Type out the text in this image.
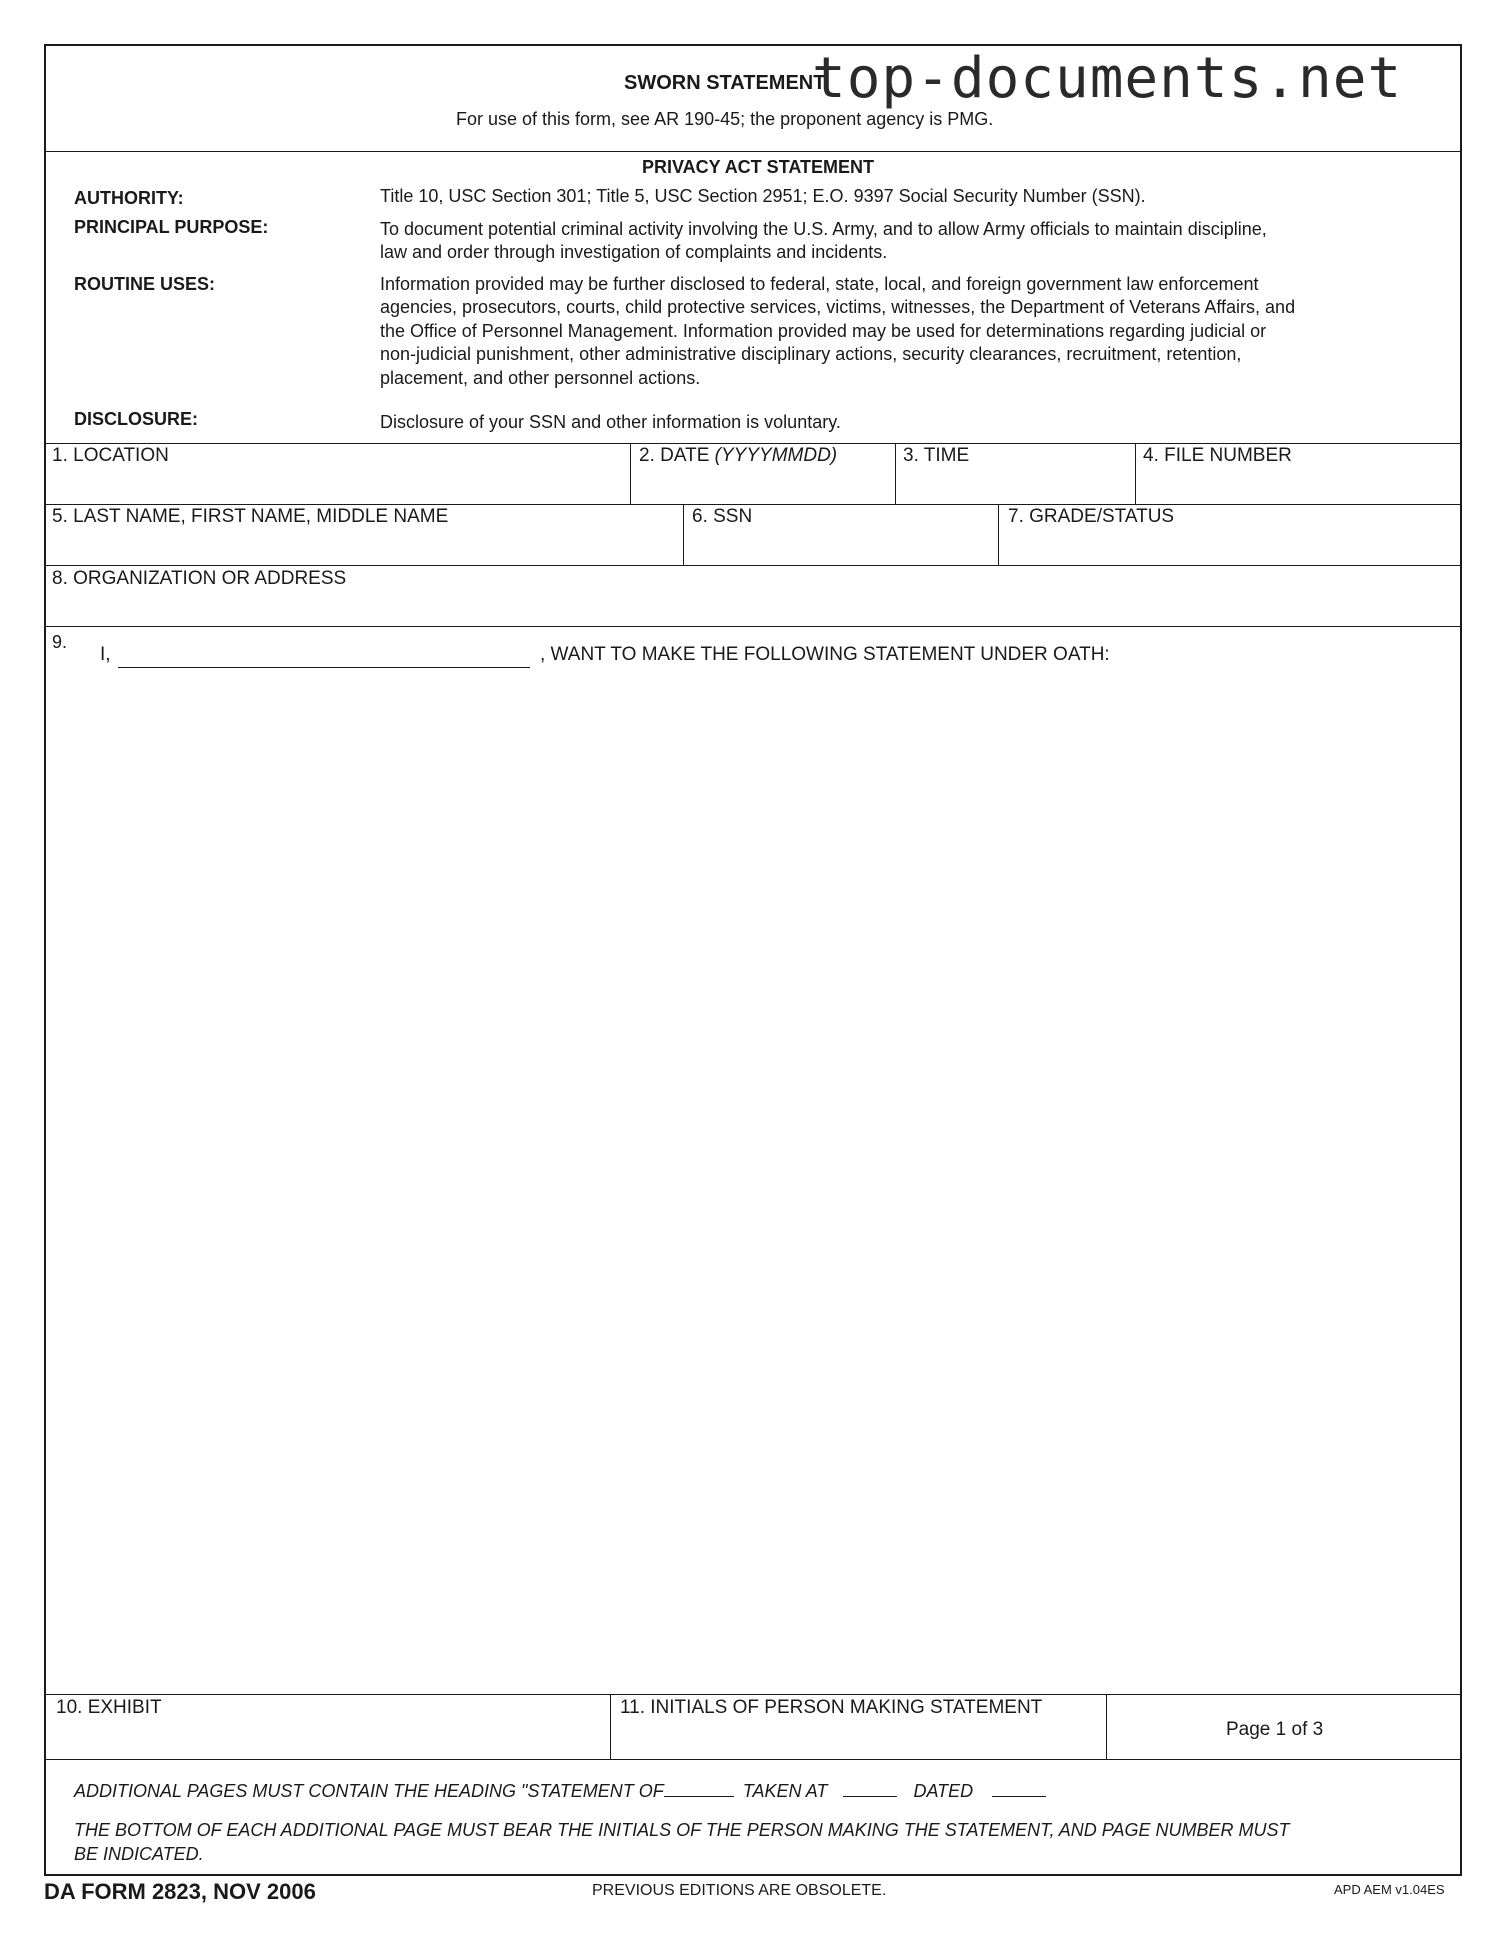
SWORN STATEMENT
For use of this form, see AR 190-45; the proponent agency is PMG.
top-documents.net
PRIVACY ACT STATEMENT
AUTHORITY:	Title 10, USC Section 301; Title 5, USC Section 2951; E.O. 9397 Social Security Number (SSN).
PRINCIPAL PURPOSE:	To document potential criminal activity involving the U.S. Army, and to allow Army officials to maintain discipline,
law and order through investigation of complaints and incidents.
ROUTINE USES:	Information provided may be further disclosed to federal, state, local, and foreign government law enforcement
agencies, prosecutors, courts, child protective services, victims, witnesses, the Department of Veterans Affairs, and
the Office of Personnel Management. Information provided may be used for determinations regarding judicial or
non-judicial punishment, other administrative disciplinary actions, security clearances, recruitment, retention,
placement, and other personnel actions.
DISCLOSURE:	Disclosure of your SSN and other information is voluntary.
1. LOCATION	2. DATE (YYYYMMDD)	3. TIME	4. FILE NUMBER
5. LAST NAME, FIRST NAME, MIDDLE NAME	6. SSN	7. GRADE/STATUS
8. ORGANIZATION OR ADDRESS
9.
I,	, WANT TO MAKE THE FOLLOWING STATEMENT UNDER OATH:
10. EXHIBIT	11. INITIALS OF PERSON MAKING STATEMENT
Page 1 of 3
ADDITIONAL PAGES MUST CONTAIN THE HEADING "STATEMENT OF	TAKEN AT	DATED
THE BOTTOM OF EACH ADDITIONAL PAGE MUST BEAR THE INITIALS OF THE PERSON MAKING THE STATEMENT, AND PAGE NUMBER MUST
BE INDICATED.
DA FORM 2823, NOV 2006	PREVIOUS EDITIONS ARE OBSOLETE.	APD AEM v1.04ES
